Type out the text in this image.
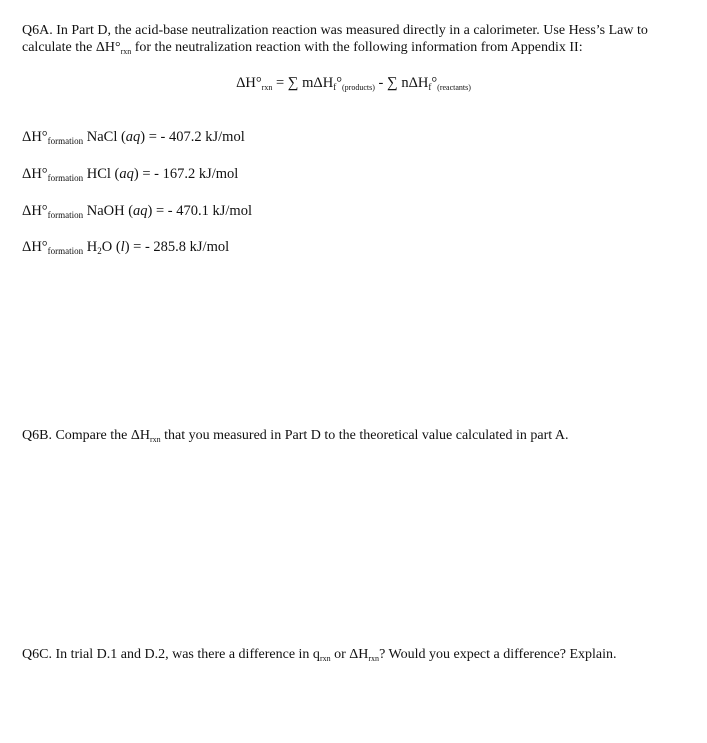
Q6A. In Part D, the acid-base neutralization reaction was measured directly in a calorimeter. Use Hess’s Law to calculate the $\Delta H^\circ_{rxn}$ for the neutralization reaction with the following information from Appendix II:

$\Delta H^\circ_{rxn}$ = ∑ $m\Delta H_f^\circ_{(products)}$ - ∑ $n\Delta H_f^\circ_{(reactants)}$
$\Delta H^\circ_{formation}$ NaCl (aq) = - 407.2 kJ/mol
$\Delta H^\circ_{formation}$ HCl (aq) = - 167.2 kJ/mol
$\Delta H^\circ_{formation}$ NaOH (aq) = - 470.1 kJ/mol
$\Delta H^\circ_{formation}$ $H_2O$ (l) = - 285.8 kJ/mol

Q6B. Compare the $\Delta H_{rxn}$ that you measured in Part D to the theoretical value calculated in part A.

Q6C. In trial D.1 and D.2, was there a difference in $q_{rxn}$ or $\Delta H_{rxn}$? Would you expect a difference? Explain.
